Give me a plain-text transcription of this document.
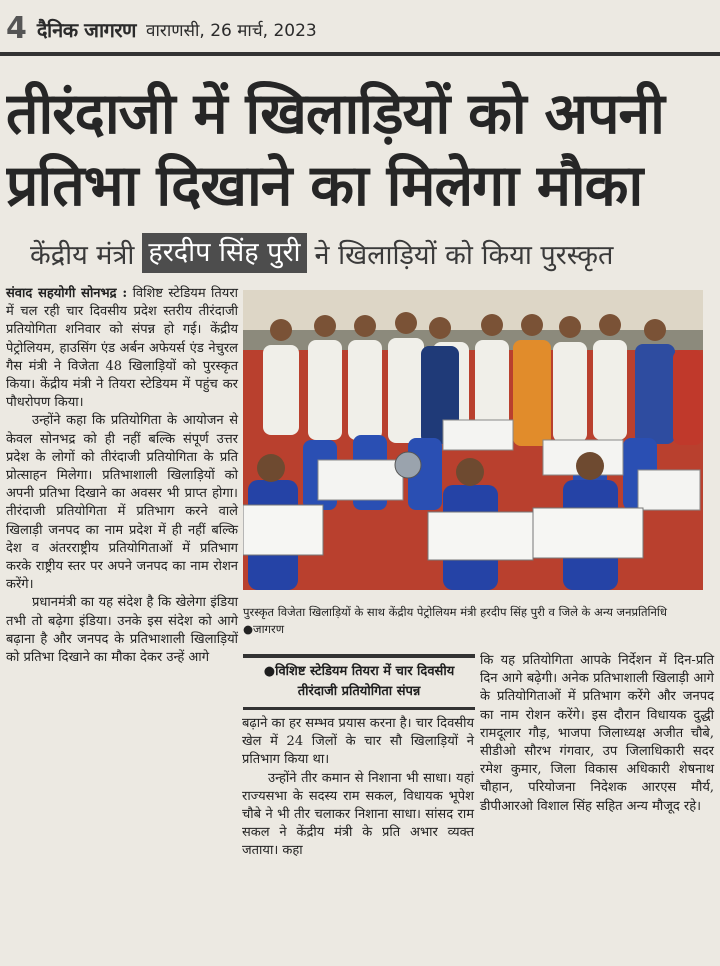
4 दैनिक जागरण वाराणसी, 26 मार्च, 2023
तीरंदाजी में खिलाड़ियों को अपनी
प्रतिभा दिखाने का मिलेगा मौका
केंद्रीय मंत्री हरदीप सिंह पुरी ने खिलाड़ियों को किया पुरस्कृत

संवाद सहयोगी सोनभद्र : विशिष्ट स्टेडियम तियरा में चल रही चार दिवसीय प्रदेश स्तरीय तीरंदाजी प्रतियोगिता शनिवार को संपन्न हो गई। केंद्रीय पेट्रोलियम, हाउसिंग एंड अर्बन अफेयर्स एंड नेचुरल गैस मंत्री ने विजेता 48 खिलाड़ियों को पुरस्कृत किया। केंद्रीय मंत्री ने तियरा स्टेडियम में पहुंच कर पौधरोपण किया।

उन्होंने कहा कि प्रतियोगिता के आयोजन से केवल सोनभद्र को ही नहीं बल्कि संपूर्ण उत्तर प्रदेश के लोगों को तीरंदाजी प्रतियोगिता के प्रति प्रोत्साहन मिलेगा। प्रतिभाशाली खिलाड़ियों को अपनी प्रतिभा दिखाने का अवसर भी प्राप्त होगा। तीरंदाजी प्रतियोगिता में प्रतिभाग करने वाले खिलाड़ी जनपद का नाम प्रदेश में ही नहीं बल्कि देश व अंतरराष्ट्रीय प्रतियोगिताओं में प्रतिभाग करके राष्ट्रीय स्तर पर अपने जनपद का नाम रोशन करेंगे।

प्रधानमंत्री का यह संदेश है कि खेलेगा इंडिया तभी तो बढ़ेगा इंडिया। उनके इस संदेश को आगे बढ़ाना है और जनपद के प्रतिभाशाली खिलाड़ियों को प्रतिभा दिखाने का मौका देकर उन्हें आगे

पुरस्कृत विजेता खिलाड़ियों के साथ केंद्रीय पेट्रोलियम मंत्री हरदीप सिंह पुरी व जिले के अन्य जनप्रतिनिधि ●जागरण
●विशिष्ट स्टेडियम तियरा में चार दिवसीय तीरंदाजी प्रतियोगिता संपन्न

बढ़ाने का हर सम्भव प्रयास करना है। चार दिवसीय खेल में 24 जिलों के चार सौ खिलाड़ियों ने प्रतिभाग किया था।

उन्होंने तीर कमान से निशाना भी साधा। यहां राज्यसभा के सदस्य राम सकल, विधायक भूपेश चौबे ने भी तीर चलाकर निशाना साधा। सांसद राम सकल ने केंद्रीय मंत्री के प्रति अभार व्यक्त जताया। कहा

कि यह प्रतियोगिता आपके निर्देशन में दिन-प्रति दिन आगे बढ़ेगी। अनेक प्रतिभाशाली खिलाड़ी आगे के प्रतियोगिताओं में प्रतिभाग करेंगे और जनपद का नाम रोशन करेंगे। इस दौरान विधायक दुद्धी रामदूलार गौड़, भाजपा जिलाध्यक्ष अजीत चौबे, सीडीओ सौरभ गंगवार, उप जिलाधिकारी सदर रमेश कुमार, जिला विकास अधिकारी शेषनाथ चौहान, परियोजना निदेशक आरएस मौर्य, डीपीआरओ विशाल सिंह सहित अन्य मौजूद रहे।
